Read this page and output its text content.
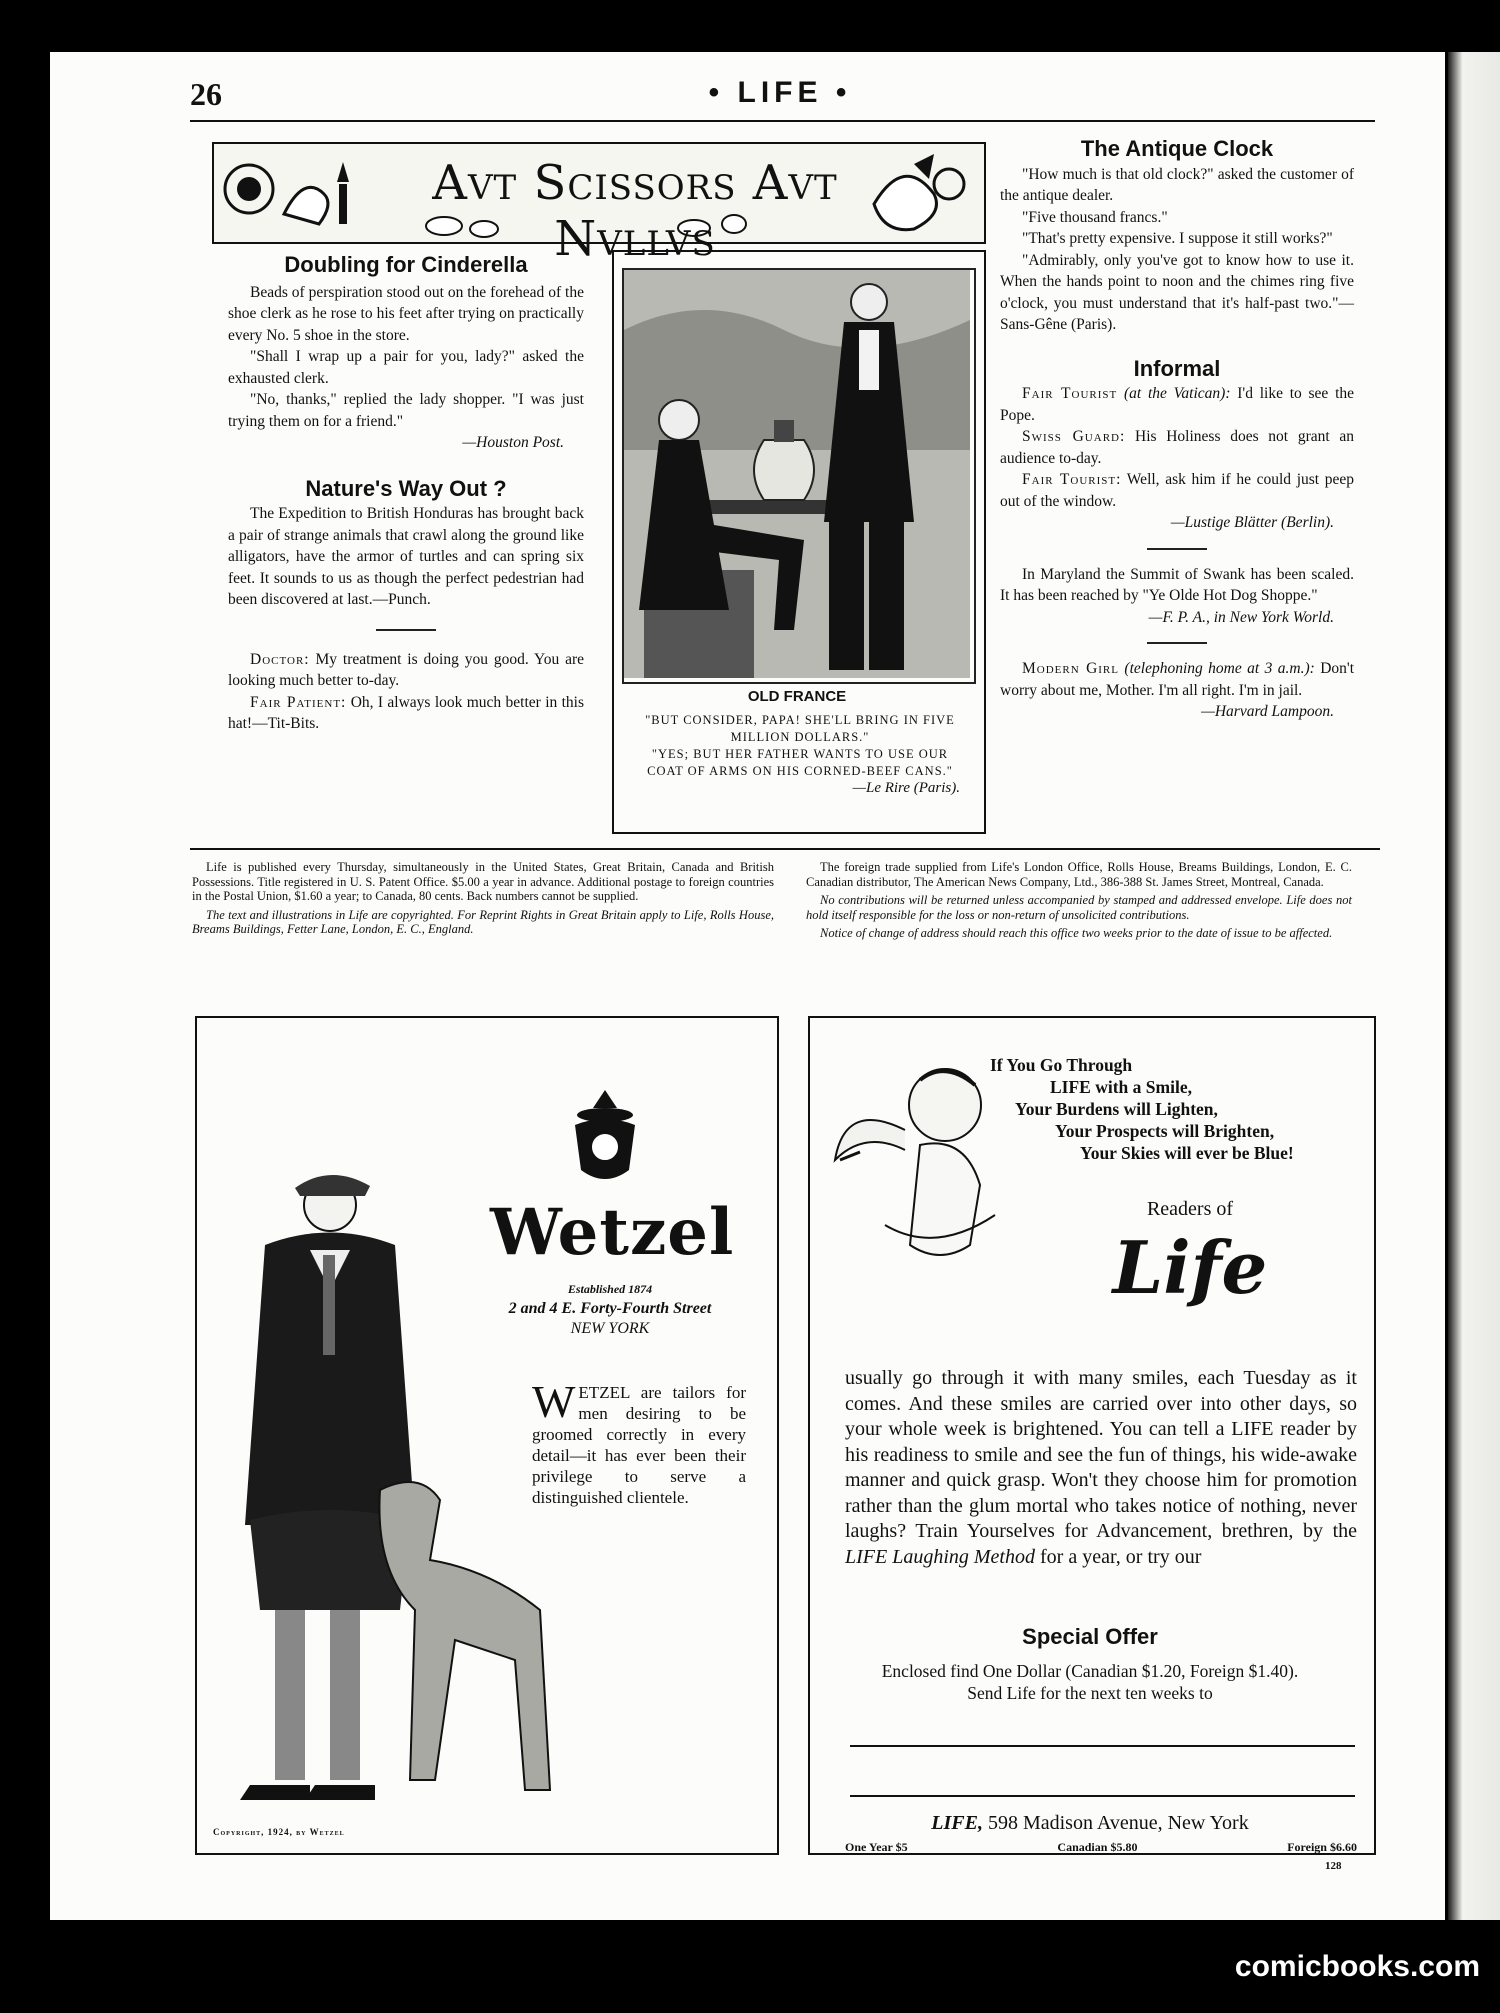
26	• LIFE •
Avt Scissors Avt Nvllvs
Doubling for Cinderella

Beads of perspiration stood out on the forehead of the shoe clerk as he rose to his feet after trying on practically every No. 5 shoe in the store.

"Shall I wrap up a pair for you, lady?" asked the exhausted clerk.

"No, thanks," replied the lady shopper. "I was just trying them on for a friend."

—Houston Post.
Nature's Way Out ?

The Expedition to British Honduras has brought back a pair of strange animals that crawl along the ground like alligators, have the armor of turtles and can spring six feet. It sounds to us as though the perfect pedestrian had been discovered at last.—Punch.

Doctor: My treatment is doing you good. You are looking much better to-day.

Fair Patient: Oh, I always look much better in this hat!—Tit-Bits.

OLD FRANCE
"BUT CONSIDER, PAPA! SHE'LL BRING IN FIVE MILLION DOLLARS."
"YES; BUT HER FATHER WANTS TO USE OUR COAT OF ARMS ON HIS CORNED-BEEF CANS."
—Le Rire (Paris).
The Antique Clock

"How much is that old clock?" asked the customer of the antique dealer.

"Five thousand francs."

"That's pretty expensive. I suppose it still works?"

"Admirably, only you've got to know how to use it. When the hands point to noon and the chimes ring five o'clock, you must understand that it's half-past two."—Sans-Gêne (Paris).

Informal

Fair Tourist (at the Vatican): I'd like to see the Pope.

Swiss Guard: His Holiness does not grant an audience to-day.

Fair Tourist: Well, ask him if he could just peep out of the window.

—Lustige Blätter (Berlin).

In Maryland the Summit of Swank has been scaled. It has been reached by "Ye Olde Hot Dog Shoppe."

—F. P. A., in New York World.

Modern Girl (telephoning home at 3 a.m.): Don't worry about me, Mother. I'm all right. I'm in jail.

—Harvard Lampoon.

Life is published every Thursday, simultaneously in the United States, Great Britain, Canada and British Possessions. Title registered in U. S. Patent Office. $5.00 a year in advance. Additional postage to foreign countries in the Postal Union, $1.60 a year; to Canada, 80 cents. Back numbers cannot be supplied.

The text and illustrations in Life are copyrighted. For Reprint Rights in Great Britain apply to Life, Rolls House, Breams Buildings, Fetter Lane, London, E. C., England.

The foreign trade supplied from Life's London Office, Rolls House, Breams Buildings, London, E. C. Canadian distributor, The American News Company, Ltd., 386-388 St. James Street, Montreal, Canada.

No contributions will be returned unless accompanied by stamped and addressed envelope. Life does not hold itself responsible for the loss or non-return of unsolicited contributions.

Notice of change of address should reach this office two weeks prior to the date of issue to be affected.

Wetzel
Established 1874
2 and 4 E. Forty-Fourth Street
NEW YORK
W ETZEL are tailors for men desiring to be groomed correctly in every detail—it has ever been their privilege to serve a distinguished clientele.
Copyright, 1924, by Wetzel
If You Go Through
LIFE with a Smile,
Your Burdens will Lighten,
Your Prospects will Brighten,
Your Skies will ever be Blue!
Readers of
Life
usually go through it with many smiles, each Tuesday as it comes. And these smiles are carried over into other days, so your whole week is brightened. You can tell a LIFE reader by his readiness to smile and see the fun of things, his wide-awake manner and quick grasp. Won't they choose him for promotion rather than the glum mortal who takes notice of nothing, never laughs? Train Yourselves for Advancement, brethren, by the LIFE Laughing Method for a year, or try our
Special Offer
Enclosed find One Dollar (Canadian $1.20, Foreign $1.40).
Send Life for the next ten weeks to
LIFE, 598 Madison Avenue, New York
One Year $5	Canadian $5.80	Foreign $6.60
128
comicbooks.com
